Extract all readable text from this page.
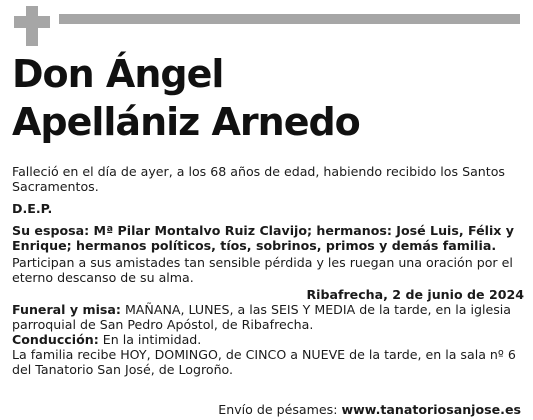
Don Ángel
Apellániz Arnedo

Falleció en el día de ayer, a los 68 años de edad, habiendo recibido los Santos Sacramentos.

D.E.P.

Su esposa: Mª Pilar Montalvo Ruiz Clavijo; hermanos: José Luis, Félix y Enrique; hermanos políticos, tíos, sobrinos, primos y demás familia.

Participan a sus amistades tan sensible pérdida y les ruegan una oración por el eterno descanso de su alma.

Ribafrecha, 2 de junio de 2024

Funeral y misa: MAÑANA, LUNES, a las SEIS Y MEDIA de la tarde, en la iglesia parroquial de San Pedro Apóstol, de Ribafrecha.

Conducción: En la intimidad.

La familia recibe HOY, DOMINGO, de CINCO a NUEVE de la tarde, en la sala nº 6 del Tanatorio San José, de Logroño.

Envío de pésames: www.tanatoriosanjose.es
